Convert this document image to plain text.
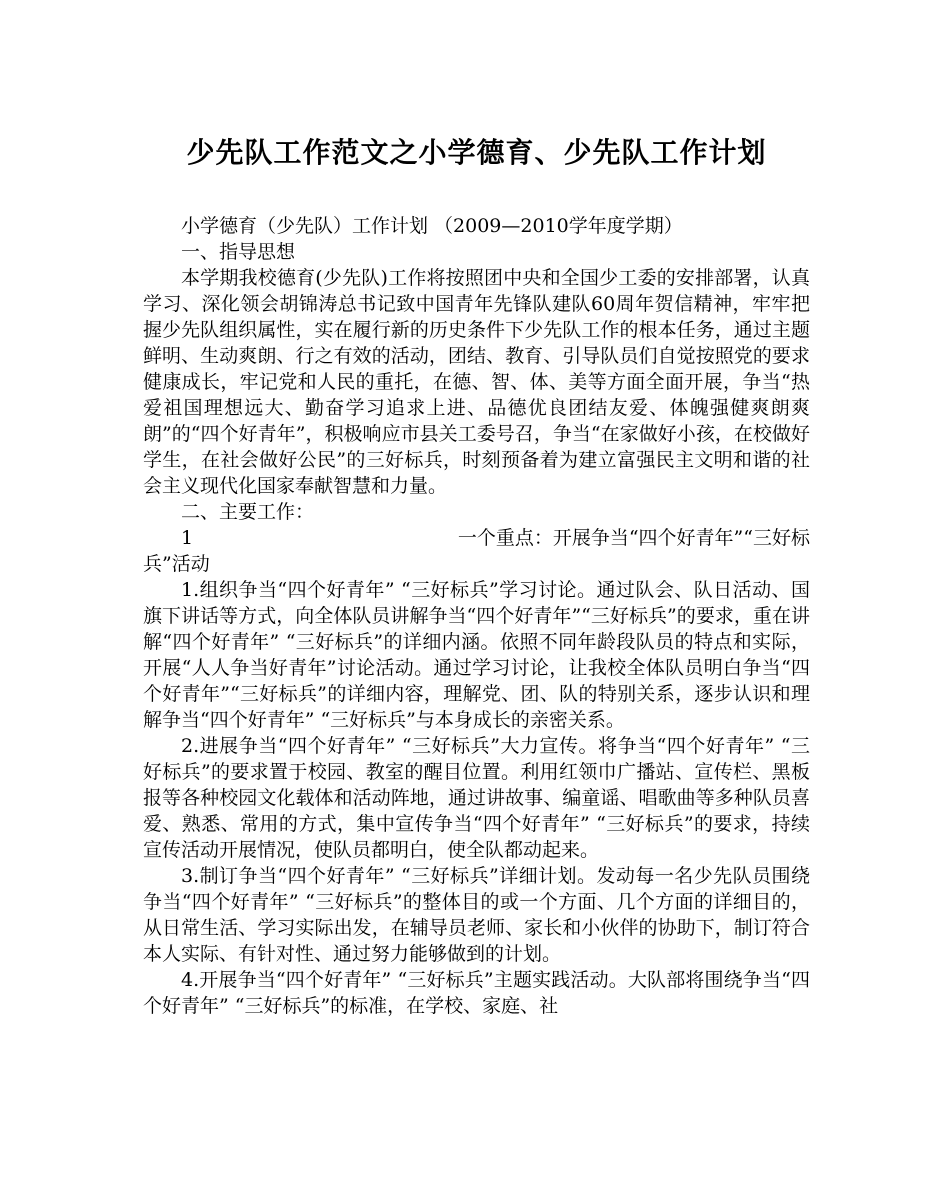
少先队工作范文之小学德育、少先队工作计划

小学德育（少先队）工作计划 （2009—2010学年度学期）

一、指导思想

本学期我校德育(少先队)工作将按照团中央和全国少工委的安排部署，认真学习、深化领会胡锦涛总书记致中国青年先锋队建队60周年贺信精神，牢牢把握少先队组织属性，实在履行新的历史条件下少先队工作的根本任务，通过主题鲜明、生动爽朗、行之有效的活动，团结、教育、引导队员们自觉按照党的要求健康成长，牢记党和人民的重托，在德、智、体、美等方面全面开展，争当“热爱祖国理想远大、勤奋学习追求上进、品德优良团结友爱、体魄强健爽朗爽朗”的“四个好青年”，积极响应市县关工委号召，争当“在家做好小孩，在校做好学生，在社会做好公民”的三好标兵，时刻预备着为建立富强民主文明和谐的社会主义现代化国家奉献智慧和力量。

二、主要工作：

1	一个重点：开展争当“四个好青年”“三好标

兵”活动

1.组织争当“四个好青年” “三好标兵”学习讨论。通过队会、队日活动、国旗下讲话等方式，向全体队员讲解争当“四个好青年”“三好标兵”的要求，重在讲解“四个好青年” “三好标兵”的详细内涵。依照不同年龄段队员的特点和实际，开展“人人争当好青年”讨论活动。通过学习讨论，让我校全体队员明白争当“四个好青年”“三好标兵”的详细内容，理解党、团、队的特别关系，逐步认识和理解争当“四个好青年” “三好标兵”与本身成长的亲密关系。

2.进展争当“四个好青年” “三好标兵”大力宣传。将争当“四个好青年” “三好标兵”的要求置于校园、教室的醒目位置。利用红领巾广播站、宣传栏、黑板报等各种校园文化载体和活动阵地，通过讲故事、编童谣、唱歌曲等多种队员喜爱、熟悉、常用的方式，集中宣传争当“四个好青年” “三好标兵”的要求，持续宣传活动开展情况，使队员都明白，使全队都动起来。

3.制订争当“四个好青年” “三好标兵”详细计划。发动每一名少先队员围绕争当“四个好青年” “三好标兵”的整体目的或一个方面、几个方面的详细目的，从日常生活、学习实际出发，在辅导员老师、家长和小伙伴的协助下，制订符合本人实际、有针对性、通过努力能够做到的计划。

4.开展争当“四个好青年” “三好标兵”主题实践活动。大队部将围绕争当“四个好青年” “三好标兵”的标准，在学校、家庭、社
